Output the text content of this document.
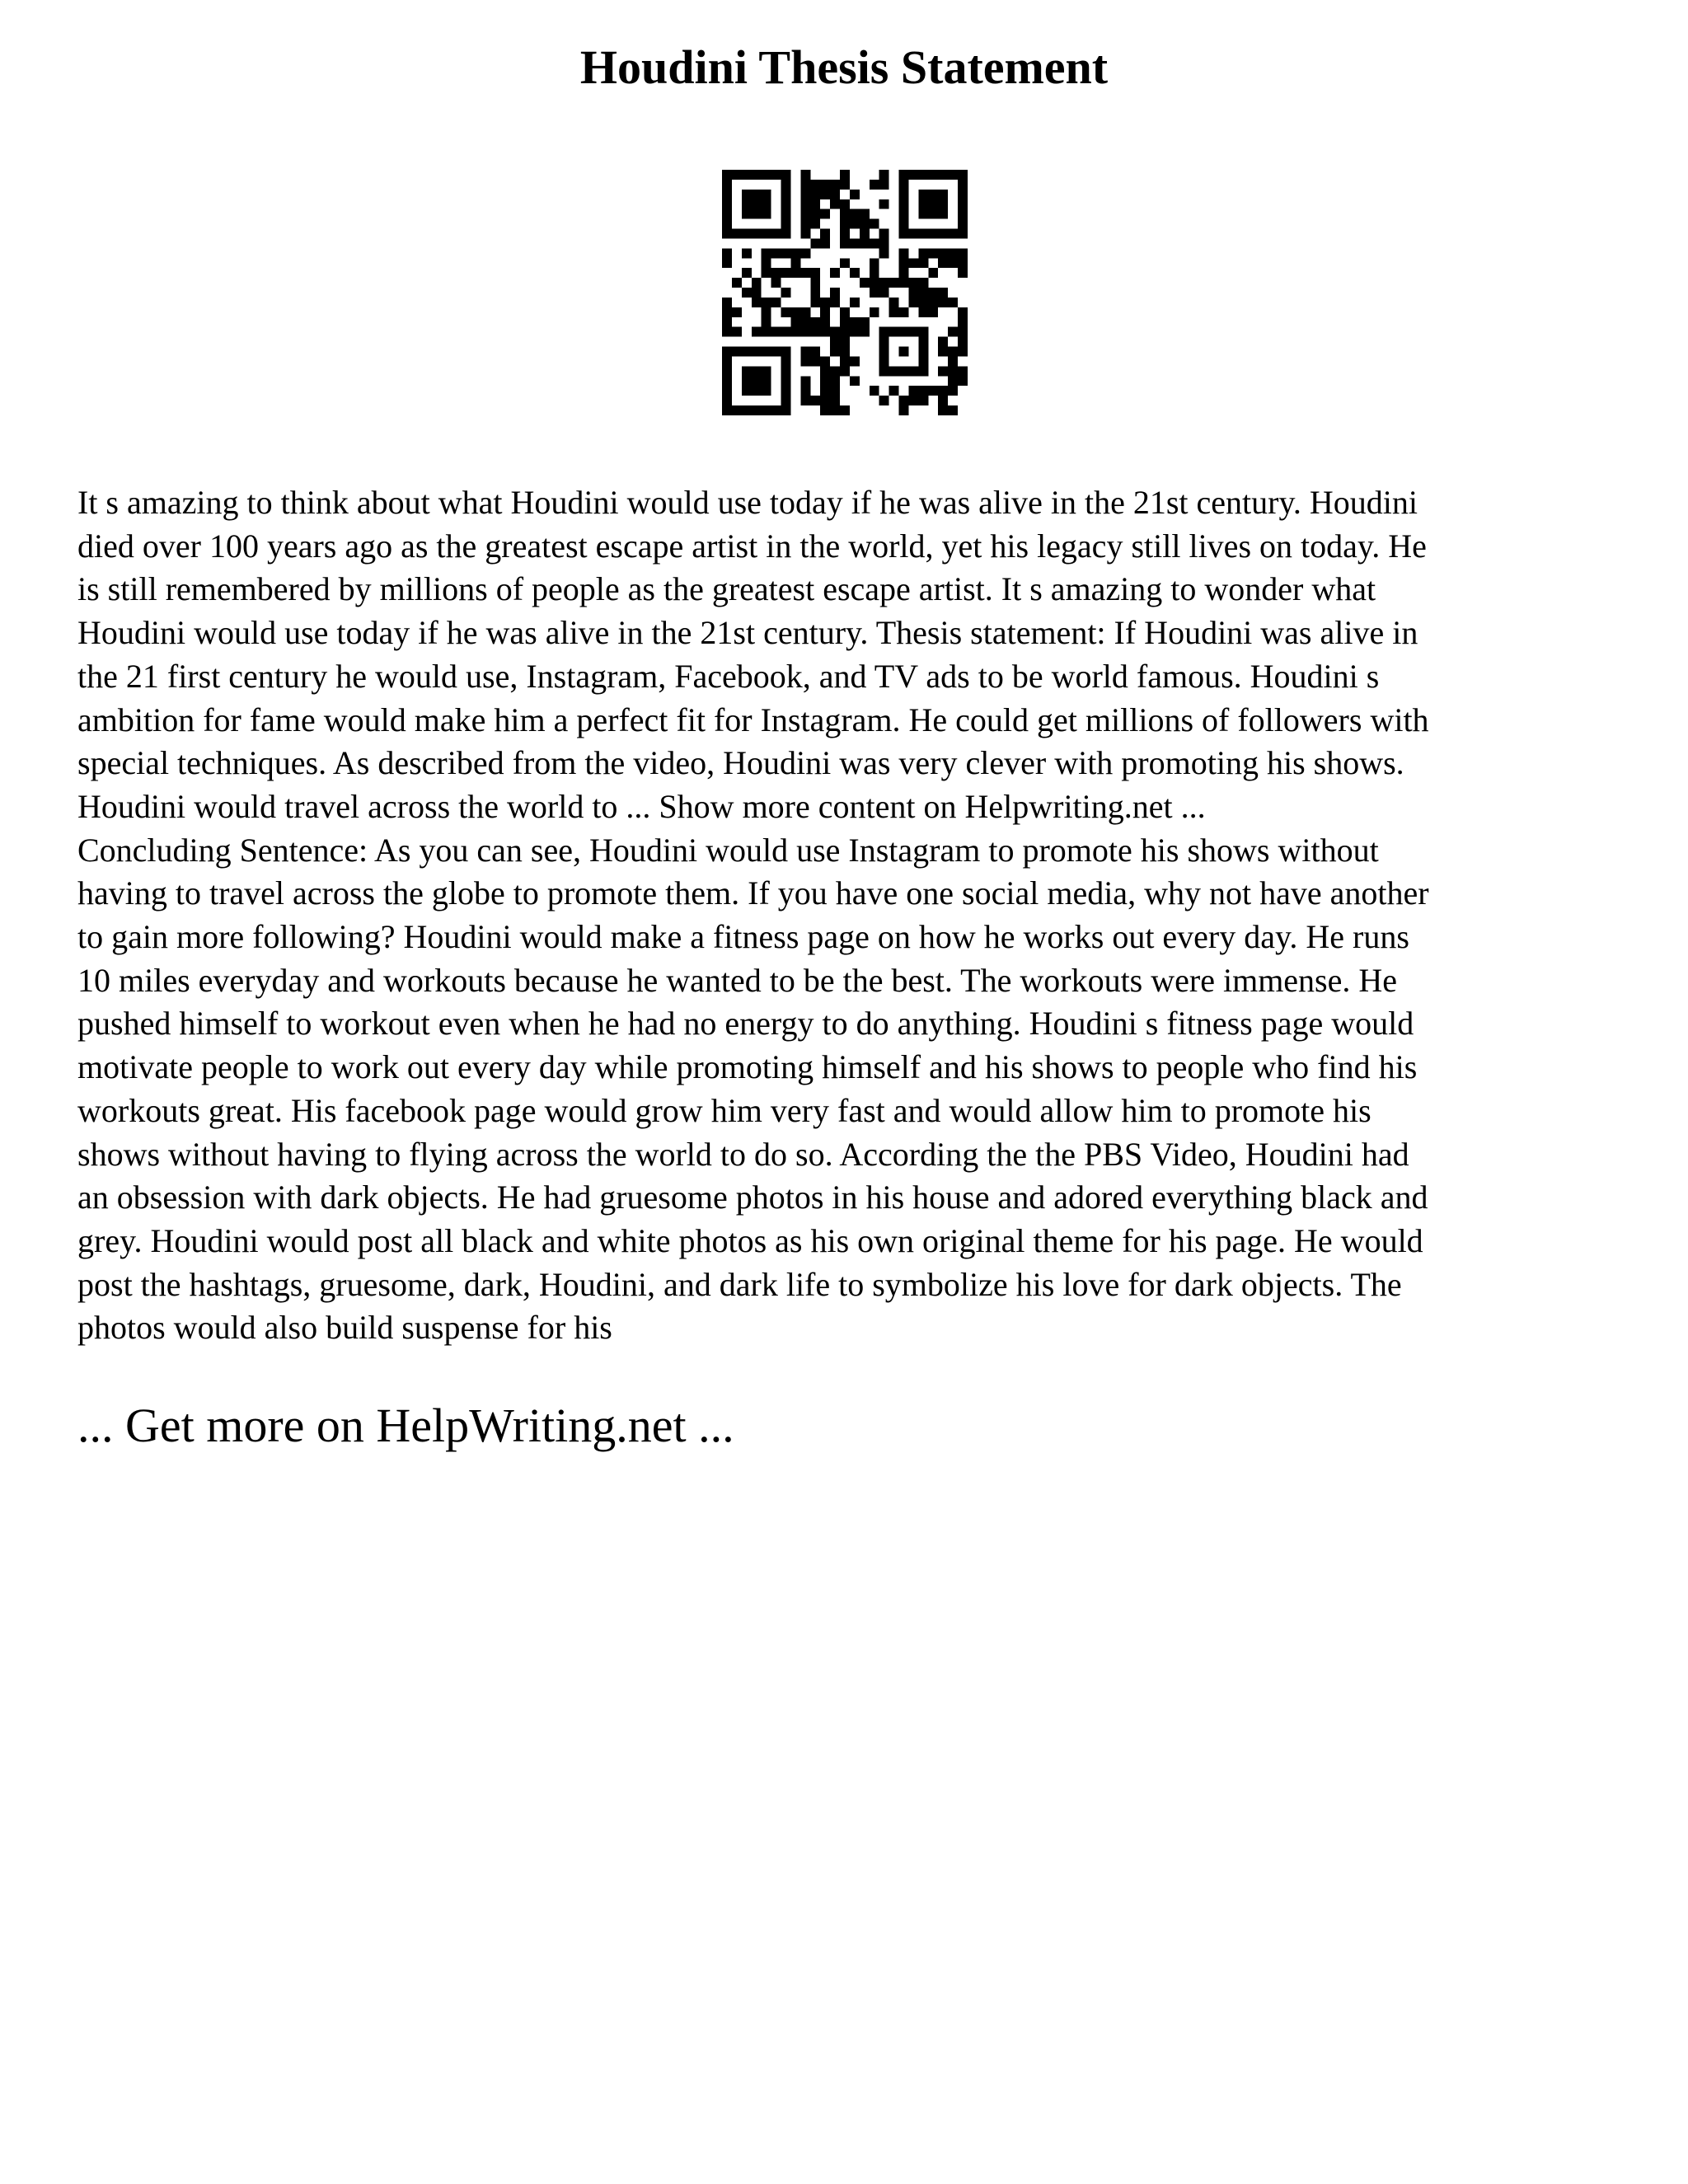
Houdini Thesis Statement
It s amazing to think about what Houdini would use today if he was alive in the 21st century. Houdini
died over 100 years ago as the greatest escape artist in the world, yet his legacy still lives on today. He
is still remembered by millions of people as the greatest escape artist. It s amazing to wonder what
Houdini would use today if he was alive in the 21st century. Thesis statement: If Houdini was alive in
the 21 first century he would use, Instagram, Facebook, and TV ads to be world famous. Houdini s
ambition for fame would make him a perfect fit for Instagram. He could get millions of followers with
special techniques. As described from the video, Houdini was very clever with promoting his shows.
Houdini would travel across the world to ... Show more content on Helpwriting.net ...
Concluding Sentence: As you can see, Houdini would use Instagram to promote his shows without
having to travel across the globe to promote them. If you have one social media, why not have another
to gain more following? Houdini would make a fitness page on how he works out every day. He runs
10 miles everyday and workouts because he wanted to be the best. The workouts were immense. He
pushed himself to workout even when he had no energy to do anything. Houdini s fitness page would
motivate people to work out every day while promoting himself and his shows to people who find his
workouts great. His facebook page would grow him very fast and would allow him to promote his
shows without having to flying across the world to do so. According the the PBS Video, Houdini had
an obsession with dark objects. He had gruesome photos in his house and adored everything black and
grey. Houdini would post all black and white photos as his own original theme for his page. He would
post the hashtags, gruesome, dark, Houdini, and dark life to symbolize his love for dark objects. The
photos would also build suspense for his

... Get more on HelpWriting.net ...
